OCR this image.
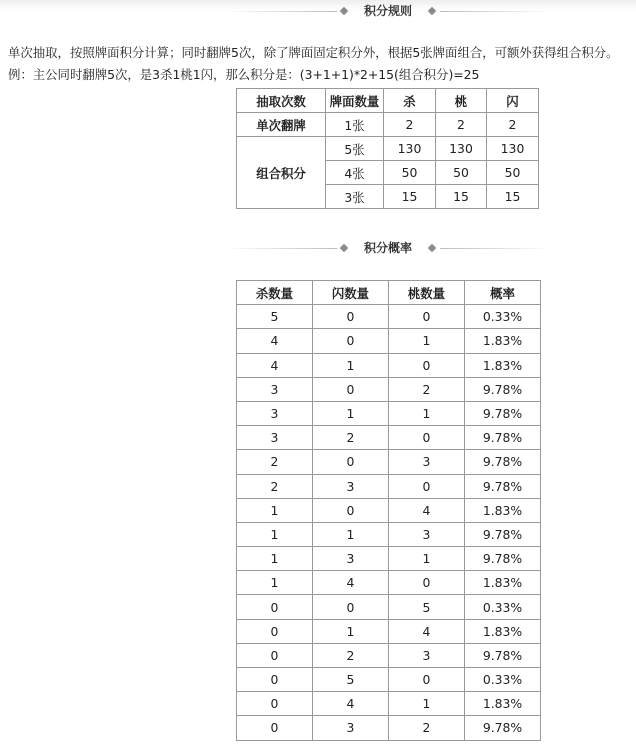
积分规则
单次抽取，按照牌面积分计算；同时翻牌5次，除了牌面固定积分外，根据5张牌面组合，可额外获得组合积分。
例：主公同时翻牌5次，是3杀1桃1闪，那么积分是：(3+1+1)*2+15(组合积分)=25
抽取次数	牌面数量	杀	桃	闪
单次翻牌	1张	2	2	2
组合积分	5张	130	130	130
	4张	50	50	50
	3张	15	15	15
积分概率
杀数量	闪数量	桃数量	概率
5	0	0	0.33%
4	0	1	1.83%
4	1	0	1.83%
3	0	2	9.78%
3	1	1	9.78%
3	2	0	9.78%
2	0	3	9.78%
2	3	0	9.78%
1	0	4	1.83%
1	1	3	9.78%
1	3	1	9.78%
1	4	0	1.83%
0	0	5	0.33%
0	1	4	1.83%
0	2	3	9.78%
0	5	0	0.33%
0	4	1	1.83%
0	3	2	9.78%
